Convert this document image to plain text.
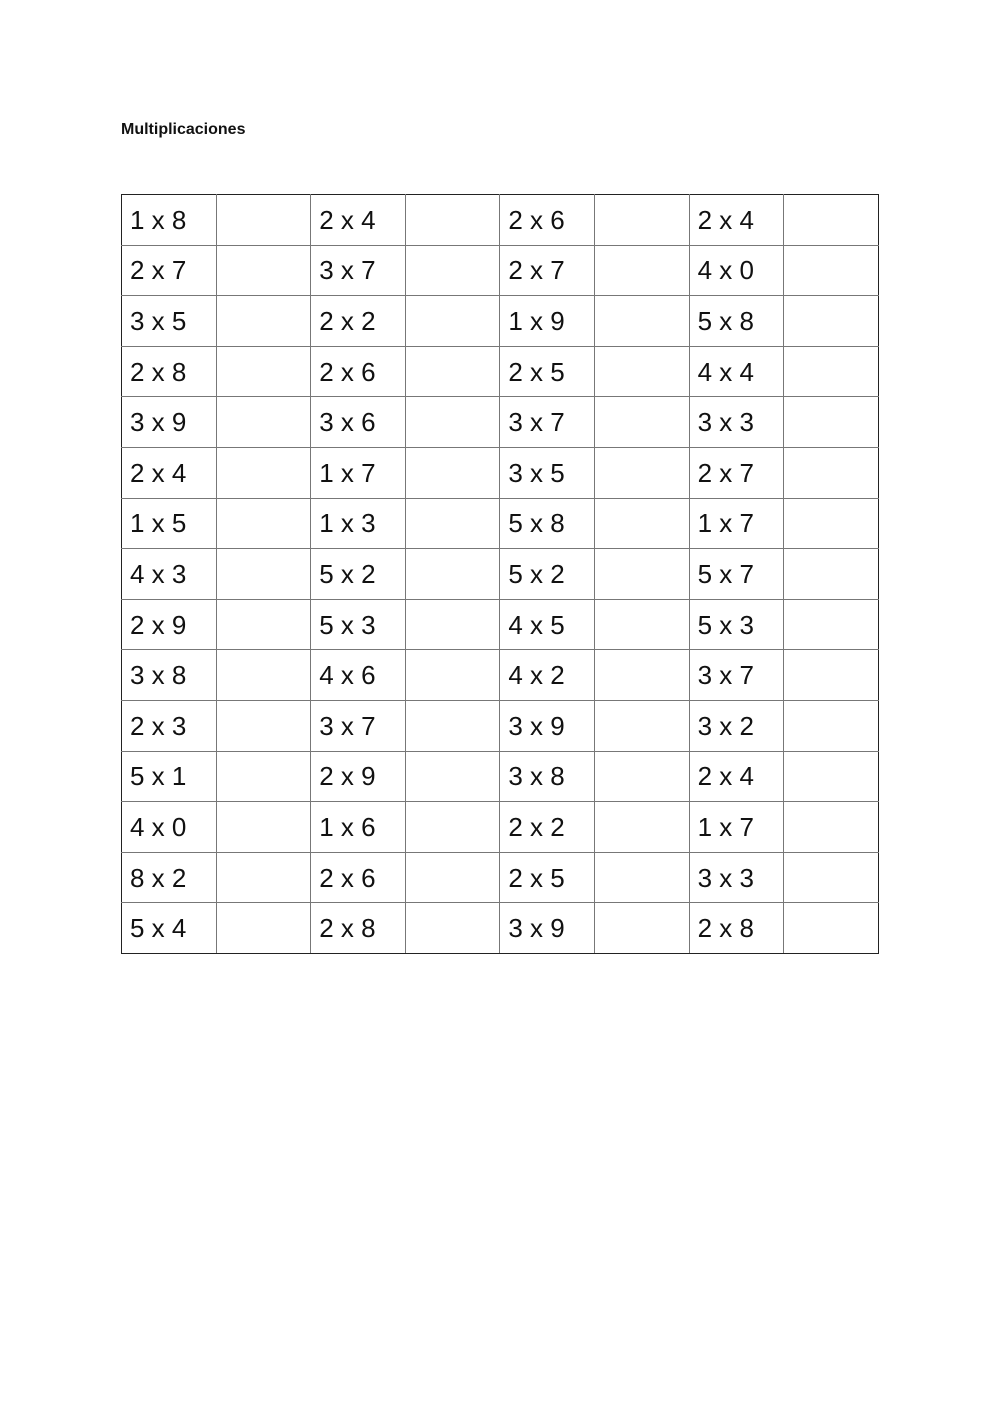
Multiplicaciones
1 x 8		2 x 4		2 x 6		2 x 4	
2 x 7		3 x 7		2 x 7		4 x 0	
3 x 5		2 x 2		1 x 9		5 x 8	
2 x 8		2 x 6		2 x 5		4 x 4	
3 x 9		3 x 6		3 x 7		3 x 3	
2 x 4		1 x 7		3 x 5		2 x 7	
1 x 5		1 x 3		5 x 8		1 x 7	
4 x 3		5 x 2		5 x 2		5 x 7	
2 x 9		5 x 3		4 x 5		5 x 3	
3 x 8		4 x 6		4 x 2		3 x 7	
2 x 3		3 x 7		3 x 9		3 x 2	
5 x 1		2 x 9		3 x 8		2 x 4	
4 x 0		1 x 6		2 x 2		1 x 7	
8 x 2		2 x 6		2 x 5		3 x 3	
5 x 4		2 x 8		3 x 9		2 x 8	
